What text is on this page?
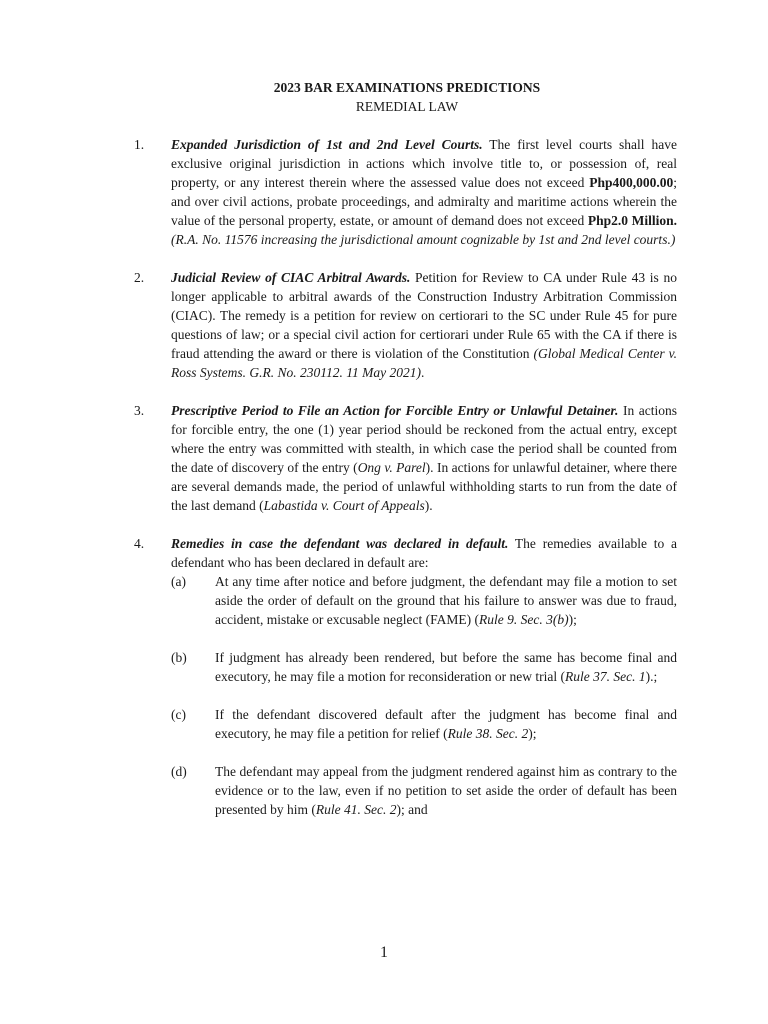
2023 BAR EXAMINATIONS PREDICTIONS
REMEDIAL LAW
1. Expanded Jurisdiction of 1st and 2nd Level Courts. The first level courts shall have exclusive original jurisdiction in actions which involve title to, or possession of, real property, or any interest therein where the assessed value does not exceed Php400,000.00; and over civil actions, probate proceedings, and admiralty and maritime actions wherein the value of the personal property, estate, or amount of demand does not exceed Php2.0 Million. (R.A. No. 11576 increasing the jurisdictional amount cognizable by 1st and 2nd level courts.)
2. Judicial Review of CIAC Arbitral Awards. Petition for Review to CA under Rule 43 is no longer applicable to arbitral awards of the Construction Industry Arbitration Commission (CIAC). The remedy is a petition for review on certiorari to the SC under Rule 45 for pure questions of law; or a special civil action for certiorari under Rule 65 with the CA if there is fraud attending the award or there is violation of the Constitution (Global Medical Center v. Ross Systems. G.R. No. 230112. 11 May 2021).
3. Prescriptive Period to File an Action for Forcible Entry or Unlawful Detainer. In actions for forcible entry, the one (1) year period should be reckoned from the actual entry, except where the entry was committed with stealth, in which case the period shall be counted from the date of discovery of the entry (Ong v. Parel). In actions for unlawful detainer, where there are several demands made, the period of unlawful withholding starts to run from the date of the last demand (Labastida v. Court of Appeals).
4. Remedies in case the defendant was declared in default. The remedies available to a defendant who has been declared in default are:
(a) At any time after notice and before judgment, the defendant may file a motion to set aside the order of default on the ground that his failure to answer was due to fraud, accident, mistake or excusable neglect (FAME) (Rule 9. Sec. 3(b));
(b) If judgment has already been rendered, but before the same has become final and executory, he may file a motion for reconsideration or new trial (Rule 37. Sec. 1).;
(c) If the defendant discovered default after the judgment has become final and executory, he may file a petition for relief (Rule 38. Sec. 2);
(d) The defendant may appeal from the judgment rendered against him as contrary to the evidence or to the law, even if no petition to set aside the order of default has been presented by him (Rule 41. Sec. 2); and
1
